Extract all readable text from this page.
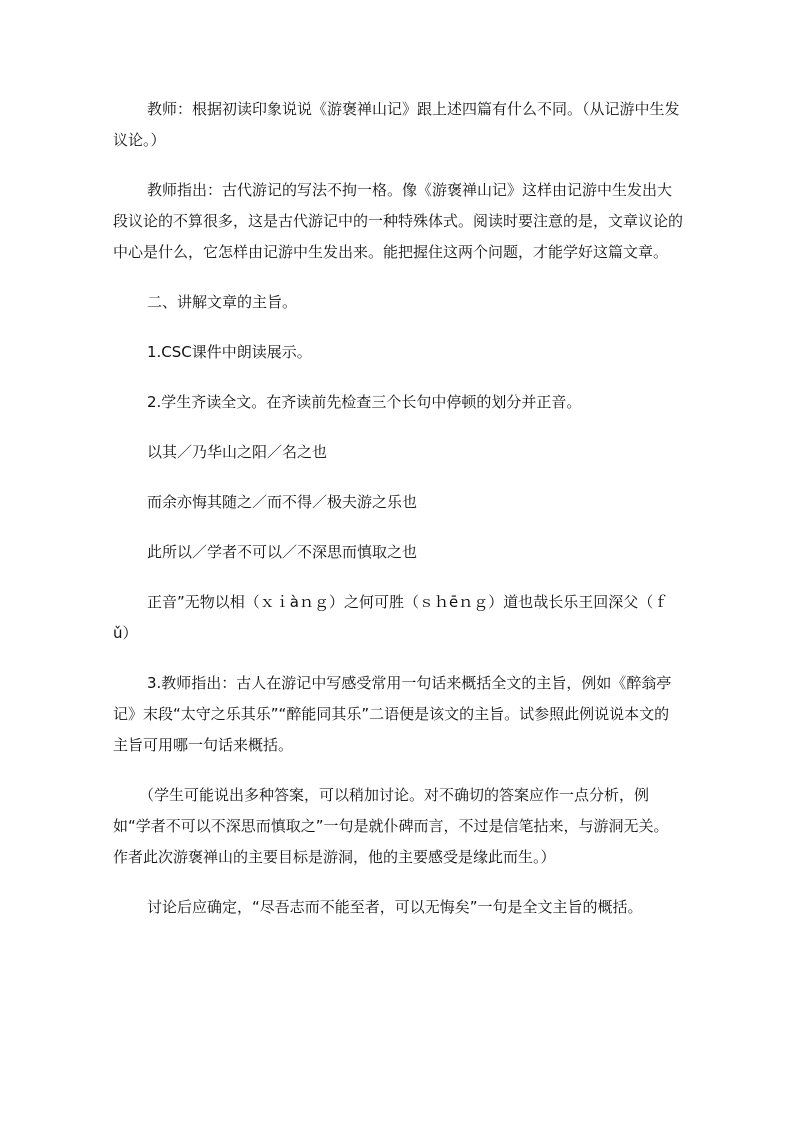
教师：根据初读印象说说《游褒禅山记》跟上述四篇有什么不同。（从记游中生发议论。）

教师指出：古代游记的写法不拘一格。像《游褒禅山记》这样由记游中生发出大段议论的不算很多，这是古代游记中的一种特殊体式。阅读时要注意的是，文章议论的中心是什么，它怎样由记游中生发出来。能把握住这两个问题，才能学好这篇文章。

二、讲解文章的主旨。

1.CSC课件中朗读展示。

2.学生齐读全文。在齐读前先检查三个长句中停顿的划分并正音。

以其／乃华山之阳／名之也

而余亦悔其随之／而不得／极夫游之乐也

此所以／学者不可以／不深思而慎取之也

正音”无物以相（ｘｉàｎｇ）之何可胜（ｓｈēｎｇ）道也哉长乐王回深父（ｆǔ）

3.教师指出：古人在游记中写感受常用一句话来概括全文的主旨，例如《醉翁亭记》末段“太守之乐其乐”“醉能同其乐”二语便是该文的主旨。试参照此例说说本文的主旨可用哪一句话来概括。

（学生可能说出多种答案，可以稍加讨论。对不确切的答案应作一点分析，例如“学者不可以不深思而慎取之”一句是就仆碑而言，不过是信笔拈来，与游洞无关。作者此次游褒禅山的主要目标是游洞，他的主要感受是缘此而生。）

讨论后应确定，“尽吾志而不能至者，可以无悔矣”一句是全文主旨的概括。
